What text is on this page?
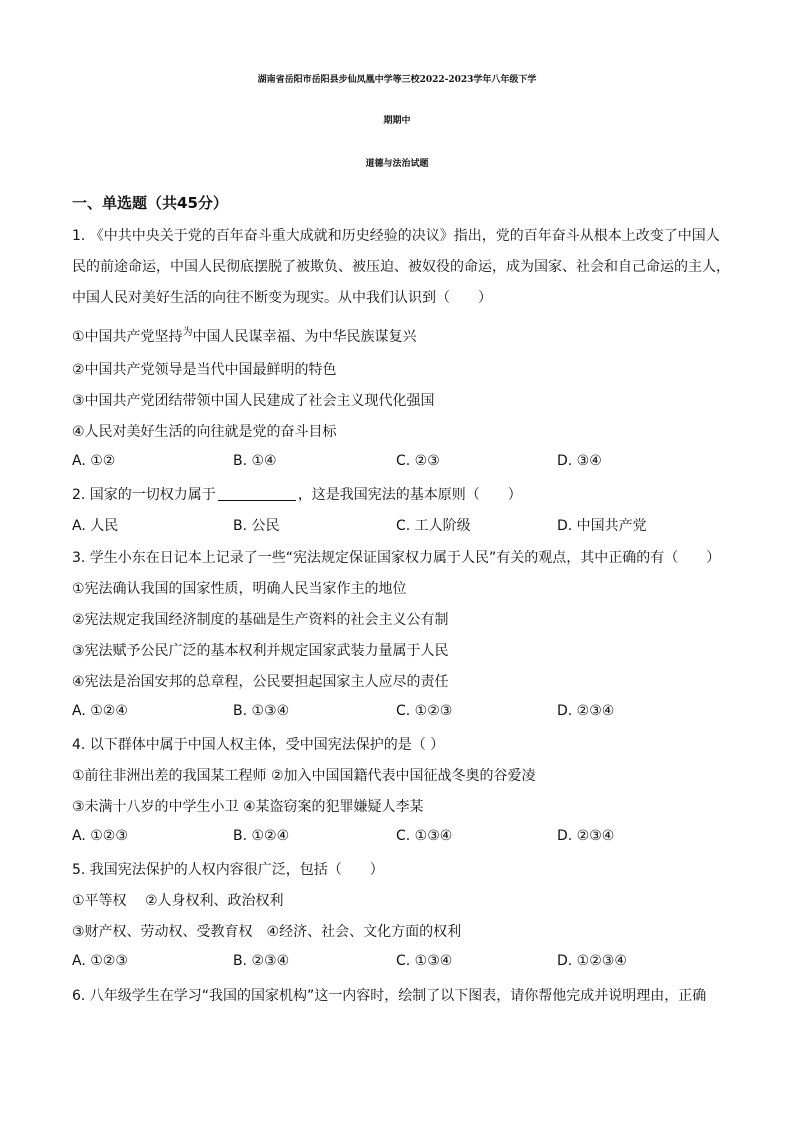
湖南省岳阳市岳阳县步仙凤凰中学等三校2022-2023学年八年级下学
期期中
道德与法治试题
一、单选题（共45分）
1. 《中共中央关于党的百年奋斗重大成就和历史经验的决议》指出，党的百年奋斗从根本上改变了中国人
民的前途命运，中国人民彻底摆脱了被欺负、被压迫、被奴役的命运，成为国家、社会和自己命运的主人，
中国人民对美好生活的向往不断变为现实。从中我们认识到（　　）
①中国共产党坚持$^为$中国人民谋幸福、为中华民族谋复兴
②中国共产党领导是当代中国最鲜明的特色
③中国共产党团结带领中国人民建成了社会主义现代化强国
④人民对美好生活的向往就是党的奋斗目标
A. ①②	B. ①④	C. ②③	D. ③④
2. 国家的一切权力属于	，这是我国宪法的基本原则（　　）
A. 人民	B. 公民	C. 工人阶级	D. 中国共产党
3. 学生小东在日记本上记录了一些“宪法规定保证国家权力属于人民”有关的观点，其中正确的有（　　）
①宪法确认我国的国家性质，明确人民当家作主的地位
②宪法规定我国经济制度的基础是生产资料的社会主义公有制
③宪法赋予公民广泛的基本权利并规定国家武装力量属于人民
④宪法是治国安邦的总章程，公民要担起国家主人应尽的责任
A. ①②④	B. ①③④	C. ①②③	D. ②③④
4. 以下群体中属于中国人权主体，受中国宪法保护的是（ ）
①前往非洲出差的我国某工程师 ②加入中国国籍代表中国征战冬奥的谷爱凌
③未满十八岁的中学生小卫 ④某盗窃案的犯罪嫌疑人李某
A. ①②③	B. ①②④	C. ①③④	D. ②③④
5. 我国宪法保护的人权内容很广泛，包括（　　）
①平等权　 ②人身权利、政治权利
③财产权、劳动权、受教育权　④经济、社会、文化方面的权利
A. ①②③	B. ②③④	C. ①③④	D. ①②③④
6. 八年级学生在学习“我国的国家机构”这一内容时，绘制了以下图表，请你帮他完成并说明理由，正确
